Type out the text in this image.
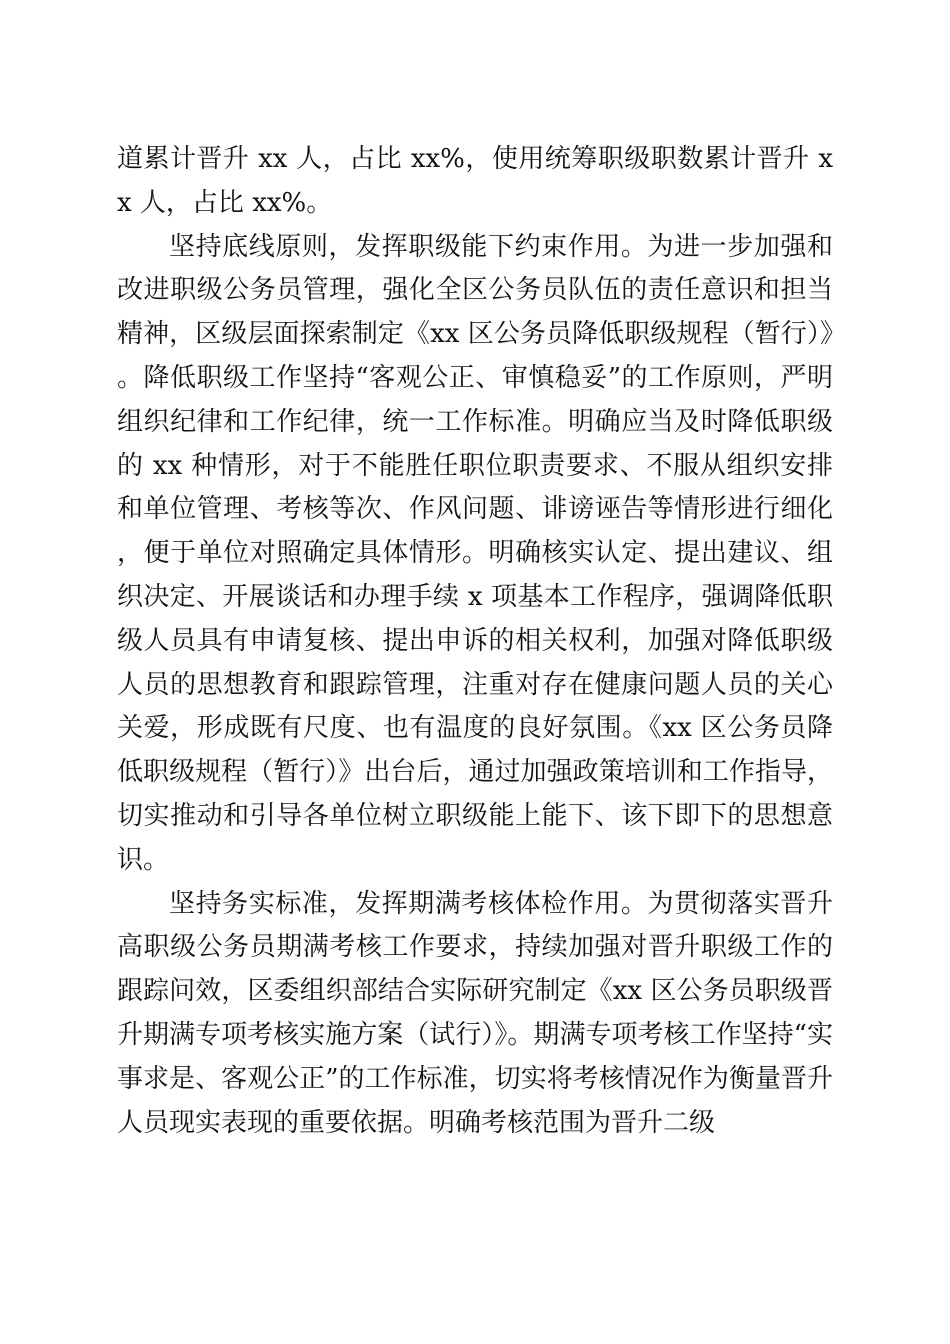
道累计晋升 xx 人，占比 xx%，使用统筹职级职数累计晋升 xx 人，占比 xx%。

坚持底线原则，发挥职级能下约束作用。为进一步加强和改进职级公务员管理，强化全区公务员队伍的责任意识和担当精神，区级层面探索制定《xx 区公务员降低职级规程（暂行）》。降低职级工作坚持“客观公正、审慎稳妥”的工作原则，严明组织纪律和工作纪律，统一工作标准。明确应当及时降低职级的 xx 种情形，对于不能胜任职位职责要求、不服从组织安排和单位管理、考核等次、作风问题、诽谤诬告等情形进行细化，便于单位对照确定具体情形。明确核实认定、提出建议、组织决定、开展谈话和办理手续 x 项基本工作程序，强调降低职级人员具有申请复核、提出申诉的相关权利，加强对降低职级人员的思想教育和跟踪管理，注重对存在健康问题人员的关心关爱，形成既有尺度、也有温度的良好氛围。《xx 区公务员降低职级规程（暂行）》出台后，通过加强政策培训和工作指导，切实推动和引导各单位树立职级能上能下、该下即下的思想意识。

坚持务实标准，发挥期满考核体检作用。为贯彻落实晋升高职级公务员期满考核工作要求，持续加强对晋升职级工作的跟踪问效，区委组织部结合实际研究制定《xx 区公务员职级晋升期满专项考核实施方案（试行）》。期满专项考核工作坚持“实事求是、客观公正”的工作标准，切实将考核情况作为衡量晋升人员现实表现的重要依据。明确考核范围为晋升二级
